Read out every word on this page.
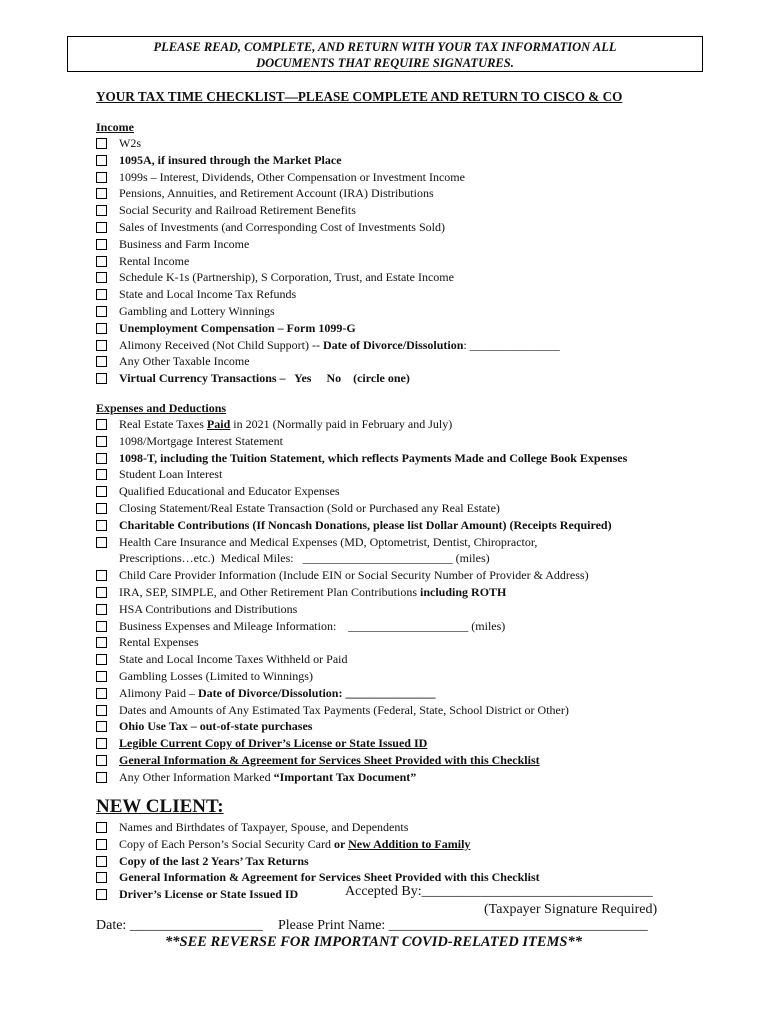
PLEASE READ, COMPLETE, AND RETURN WITH YOUR TAX INFORMATION ALL
DOCUMENTS THAT REQUIRE SIGNATURES.
YOUR TAX TIME CHECKLIST—PLEASE COMPLETE AND RETURN TO CISCO & CO
Income
W2s
1095A, if insured through the Market Place
1099s – Interest, Dividends, Other Compensation or Investment Income
Pensions, Annuities, and Retirement Account (IRA) Distributions
Social Security and Railroad Retirement Benefits
Sales of Investments (and Corresponding Cost of Investments Sold)
Business and Farm Income
Rental Income
Schedule K-1s (Partnership), S Corporation, Trust, and Estate Income
State and Local Income Tax Refunds
Gambling and Lottery Winnings
Unemployment Compensation – Form 1099-G
Alimony Received (Not Child Support) -- Date of Divorce/Dissolution: _______________
Any Other Taxable Income
Virtual Currency Transactions –   Yes     No    (circle one)
Expenses and Deductions
Real Estate Taxes Paid in 2021 (Normally paid in February and July)
1098/Mortgage Interest Statement
1098-T, including the Tuition Statement, which reflects Payments Made and College Book Expenses
Student Loan Interest
Qualified Educational and Educator Expenses
Closing Statement/Real Estate Transaction (Sold or Purchased any Real Estate)
Charitable Contributions (If Noncash Donations, please list Dollar Amount) (Receipts Required)
Health Care Insurance and Medical Expenses (MD, Optometrist, Dentist, Chiropractor,
Prescriptions…etc.)  Medical Miles:   _________________________ (miles)
Child Care Provider Information (Include EIN or Social Security Number of Provider & Address)
IRA, SEP, SIMPLE, and Other Retirement Plan Contributions including ROTH
HSA Contributions and Distributions
Business Expenses and Mileage Information:    ____________________ (miles)
Rental Expenses
State and Local Income Taxes Withheld or Paid
Gambling Losses (Limited to Winnings)
Alimony Paid – Date of Divorce/Dissolution: _______________
Dates and Amounts of Any Estimated Tax Payments (Federal, State, School District or Other)
Ohio Use Tax – out-of-state purchases
Legible Current Copy of Driver’s License or State Issued ID
General Information & Agreement for Services Sheet Provided with this Checklist
Any Other Information Marked “Important Tax Document”
NEW CLIENT:
Names and Birthdates of Taxpayer, Spouse, and Dependents
Copy of Each Person’s Social Security Card or New Addition to Family
Copy of the last 2 Years’ Tax Returns
General Information & Agreement for Services Sheet Provided with this Checklist
Driver’s License or State Issued ID	Accepted By:_________________________________
(Taxpayer Signature Required)
Date: ___________________ Please Print Name: _____________________________________
**SEE REVERSE FOR IMPORTANT COVID-RELATED ITEMS**
